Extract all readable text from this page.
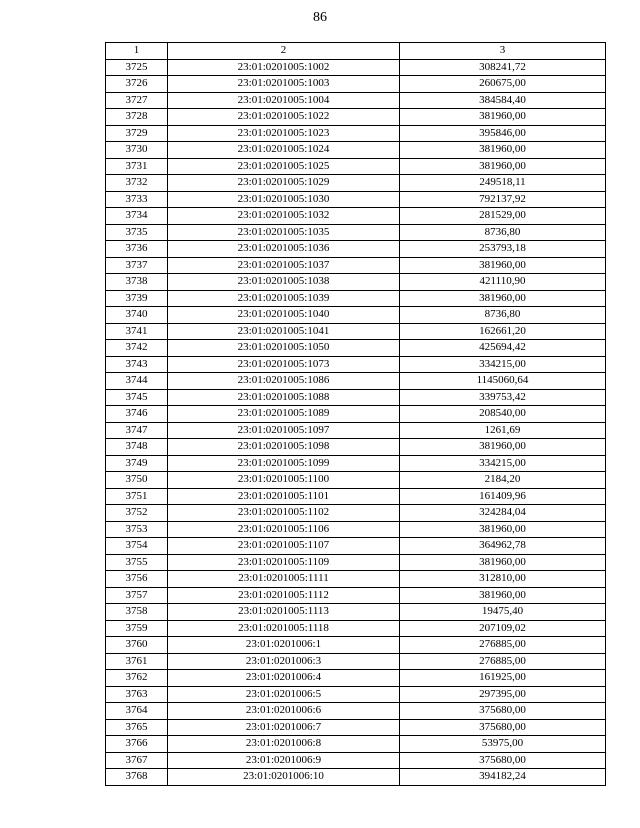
86
1	2	3
3725	23:01:0201005:1002	308241,72
3726	23:01:0201005:1003	260675,00
3727	23:01:0201005:1004	384584,40
3728	23:01:0201005:1022	381960,00
3729	23:01:0201005:1023	395846,00
3730	23:01:0201005:1024	381960,00
3731	23:01:0201005:1025	381960,00
3732	23:01:0201005:1029	249518,11
3733	23:01:0201005:1030	792137,92
3734	23:01:0201005:1032	281529,00
3735	23:01:0201005:1035	8736,80
3736	23:01:0201005:1036	253793,18
3737	23:01:0201005:1037	381960,00
3738	23:01:0201005:1038	421110,90
3739	23:01:0201005:1039	381960,00
3740	23:01:0201005:1040	8736,80
3741	23:01:0201005:1041	162661,20
3742	23:01:0201005:1050	425694,42
3743	23:01:0201005:1073	334215,00
3744	23:01:0201005:1086	1145060,64
3745	23:01:0201005:1088	339753,42
3746	23:01:0201005:1089	208540,00
3747	23:01:0201005:1097	1261,69
3748	23:01:0201005:1098	381960,00
3749	23:01:0201005:1099	334215,00
3750	23:01:0201005:1100	2184,20
3751	23:01:0201005:1101	161409,96
3752	23:01:0201005:1102	324284,04
3753	23:01:0201005:1106	381960,00
3754	23:01:0201005:1107	364962,78
3755	23:01:0201005:1109	381960,00
3756	23:01:0201005:1111	312810,00
3757	23:01:0201005:1112	381960,00
3758	23:01:0201005:1113	19475,40
3759	23:01:0201005:1118	207109,02
3760	23:01:0201006:1	276885,00
3761	23:01:0201006:3	276885,00
3762	23:01:0201006:4	161925,00
3763	23:01:0201006:5	297395,00
3764	23:01:0201006:6	375680,00
3765	23:01:0201006:7	375680,00
3766	23:01:0201006:8	53975,00
3767	23:01:0201006:9	375680,00
3768	23:01:0201006:10	394182,24
